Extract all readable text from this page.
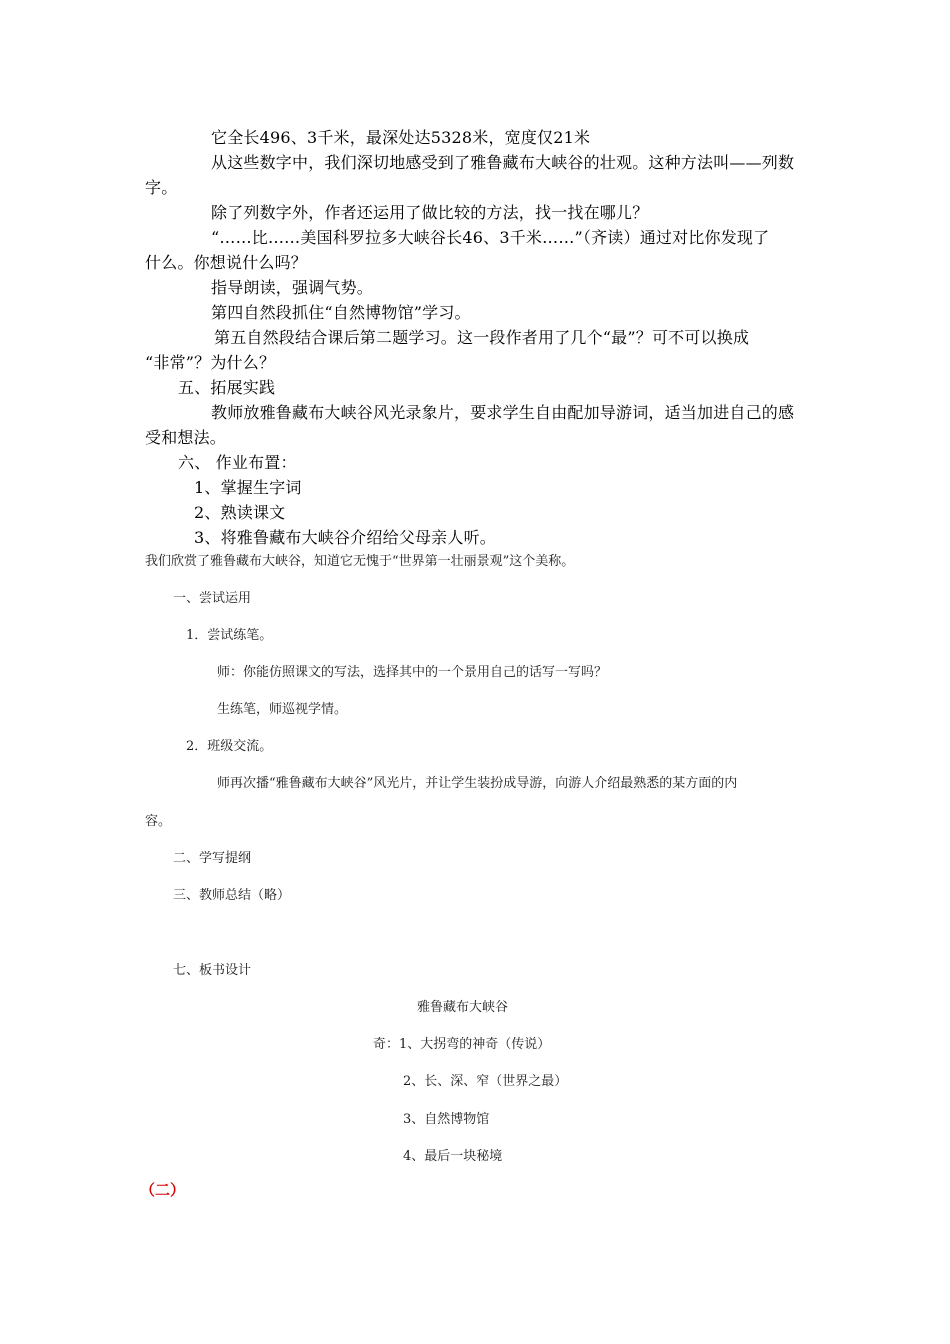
它全长496、3千米，最深处达5328米，宽度仅21米
从这些数字中，我们深切地感受到了雅鲁藏布大峡谷的壮观。这种方法叫——列数
字。
除了列数字外，作者还运用了做比较的方法，找一找在哪儿？
“……比……美国科罗拉多大峡谷长46、3千米……”（齐读）通过对比你发现了
什么。你想说什么吗？
指导朗读，强调气势。
第四自然段抓住“自然博物馆”学习。
第五自然段结合课后第二题学习。这一段作者用了几个“最”？可不可以换成
“非常”？为什么？
五、拓展实践
教师放雅鲁藏布大峡谷风光录象片，要求学生自由配加导游词，适当加进自己的感
受和想法。
六、 作业布置：
1、掌握生字词
2、熟读课文
3、将雅鲁藏布大峡谷介绍给父母亲人听。
我们欣赏了雅鲁藏布大峡谷，知道它无愧于“世界第一壮丽景观”这个美称。
一、尝试运用
1．尝试练笔。
师：你能仿照课文的写法，选择其中的一个景用自己的话写一写吗？
生练笔，师巡视学情。
2．班级交流。
师再次播“雅鲁藏布大峡谷”风光片，并让学生装扮成导游，向游人介绍最熟悉的某方面的内
容。
二、学写提纲
三、教师总结（略）
七、板书设计
雅鲁藏布大峡谷
奇：1、大拐弯的神奇（传说）
2、长、深、窄（世界之最）
3、自然博物馆
4、最后一块秘境
（二）
